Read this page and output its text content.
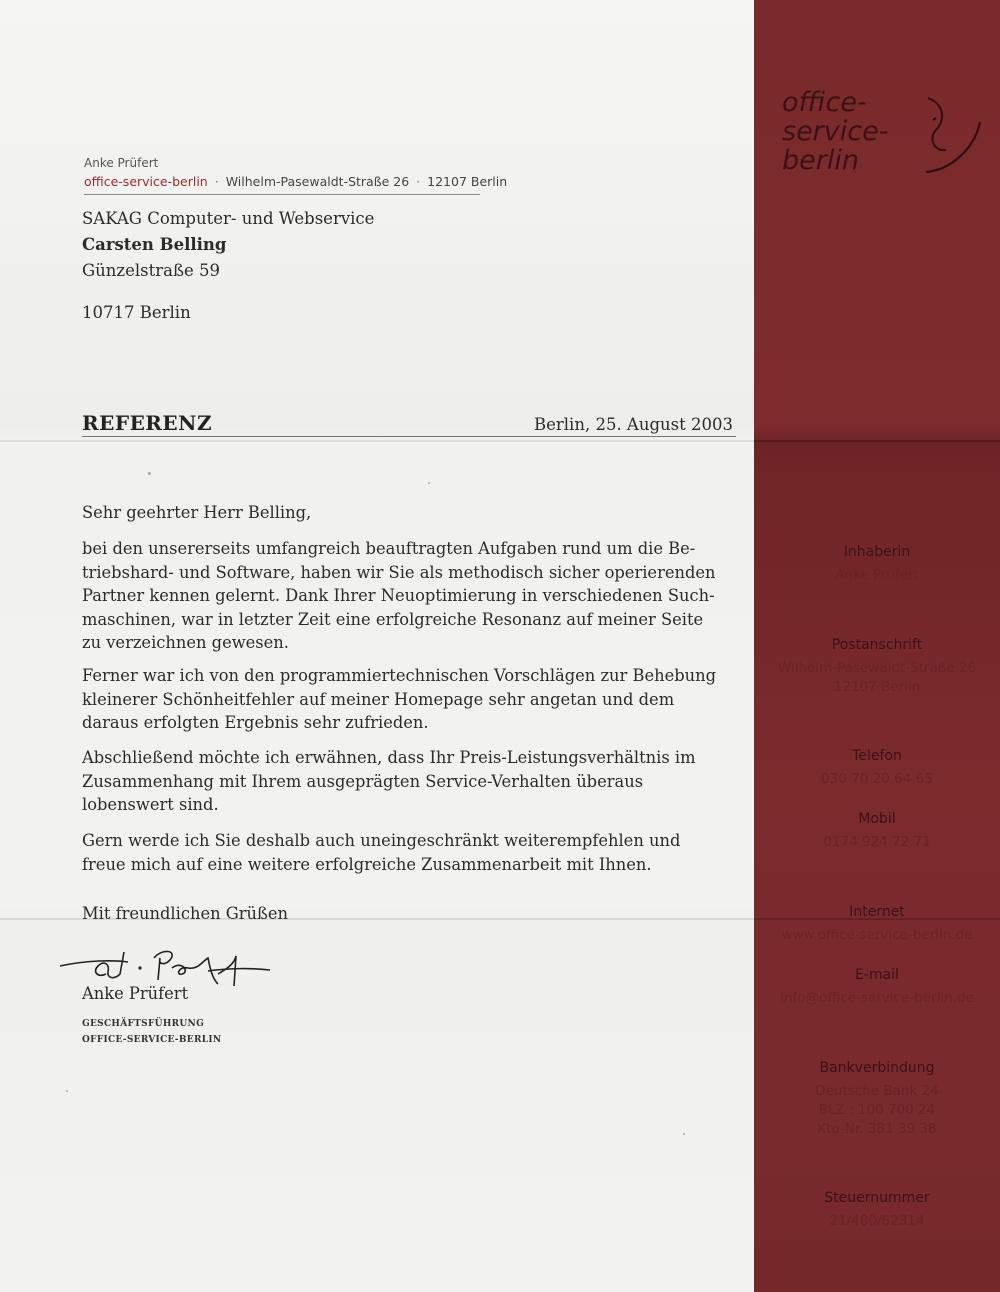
office-
service-
berlin
Anke Prüfert
office-service-berlin · Wilhelm-Pasewaldt-Straße 26 · 12107 Berlin
SAKAG Computer- und Webservice
Carsten Belling
Günzelstraße 59
10717 Berlin
REFERENZ	Berlin, 25. August 2003
Sehr geehrter Herr Belling,
bei den unsererseits umfangreich beauftragten Aufgaben rund um die Be-
triebshard- und Software, haben wir Sie als methodisch sicher operierenden
Partner kennen gelernt. Dank Ihrer Neuoptimierung in verschiedenen Such-
maschinen, war in letzter Zeit eine erfolgreiche Resonanz auf meiner Seite
zu verzeichnen gewesen.
Ferner war ich von den programmiertechnischen Vorschlägen zur Behebung
kleinerer Schönheitfehler auf meiner Homepage sehr angetan und dem
daraus erfolgten Ergebnis sehr zufrieden.
Abschließend möchte ich erwähnen, dass Ihr Preis-Leistungsverhältnis im
Zusammenhang mit Ihrem ausgeprägten Service-Verhalten überaus
lobenswert sind.
Gern werde ich Sie deshalb auch uneingeschränkt weiterempfehlen und
freue mich auf eine weitere erfolgreiche Zusammenarbeit mit Ihnen.
Mit freundlichen Grüßen
Anke Prüfert
GESCHÄFTSFÜHRUNG
OFFICE-SERVICE-BERLIN
Inhaberin
Anke Prüfert
Postanschrift
Wilhelm-Pasewaldt-Straße 26
12107 Berlin
Telefon
030 70 20 64 65
Mobil
0174 924 72 71
Internet
www.office-service-berlin.de
E-mail
info@office-service-berlin.de
Bankverbindung
Deutsche Bank 24
BLZ : 100 700 24
Kto-Nr. 381 39 38
Steuernummer
21/480/62314
